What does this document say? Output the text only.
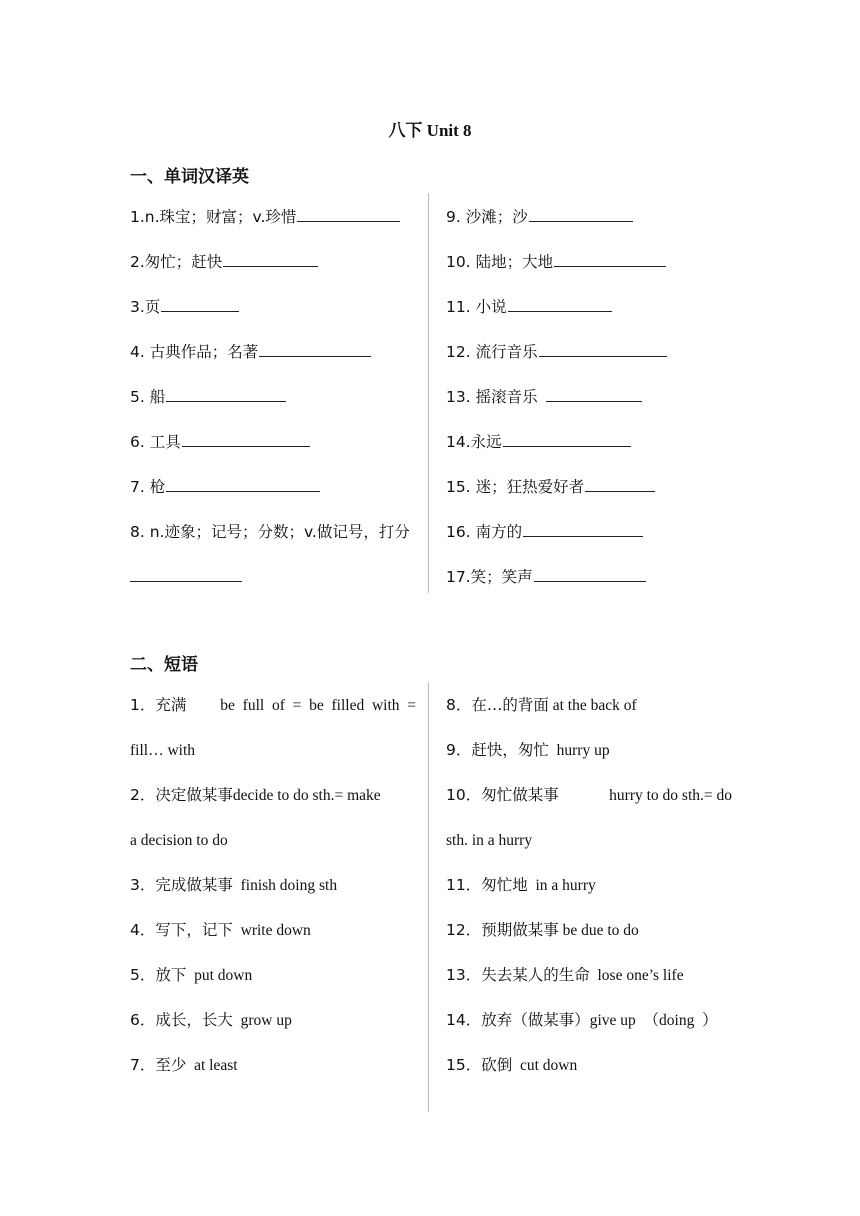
八下 Unit 8
一、单词汉译英
1.n.珠宝；财富；v.珍惜
2.匆忙；赶快
3.页
4. 古典作品；名著
5. 船
6. 工具
7. 枪
8. n.迹象；记号；分数；v.做记号，打分
9. 沙滩；沙
10. 陆地；大地
11. 小说
12. 流行音乐
13. 摇滚音乐
14.永远
15. 迷；狂热爱好者
16. 南方的
17.笑；笑声
二、短语
1．充满 be  full  of  =  be  filled  with  =
fill… with
2．决定做某事decide to do sth.= make
a decision to do
3．完成做某事 finish doing sth
4．写下，记下 write down
5．放下 put down
6．成长，长大 grow up
7．至少 at least
8．在…的背面 at the back of
9．赶快，匆忙 hurry up
10．匆忙做某事	hurry to do sth.= do
sth. in a hurry
11．匆忙地 in a hurry
12．预期做某事 be due to do
13．失去某人的生命 lose one’s life
14．放弃（做某事）give up  （doing  ）
15．砍倒 cut down
